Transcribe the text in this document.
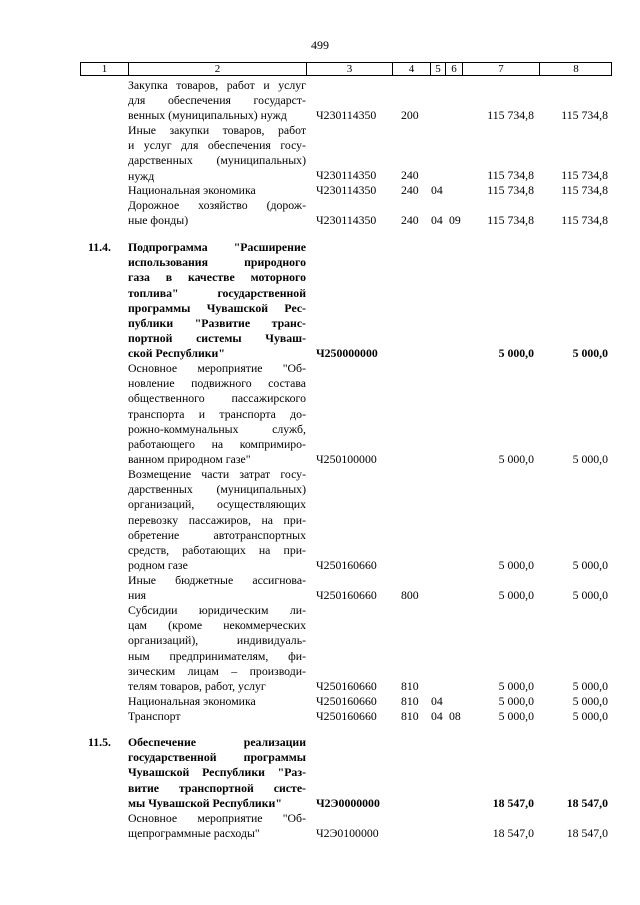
499
1	2	3	4	5 6	7	8
Закупка товаров, работ и услуг
для обеспечения государст-
венных (муниципальных) нужд	Ч230114350 200	115 734,8	115 734,8
Иные закупки товаров, работ
и услуг для обеспечения госу-
дарственных (муниципальных)
нужд	Ч230114350 240	115 734,8	115 734,8
Национальная экономика	Ч230114350 240 04	115 734,8	115 734,8
Дорожное хозяйство (дорож-
ные фонды)	Ч230114350 240 04 09	115 734,8	115 734,8
11.4. Подпрограмма "Расширение
использования природного
газа в качестве моторного
топлива" государственной
программы Чувашской Рес-
публики "Развитие транс-
портной системы Чуваш-
ской Республики"	Ч250000000	5 000,0	5 000,0
Основное мероприятие "Об-
новление подвижного состава
общественного пассажирского
транспорта и транспорта до-
рожно-коммунальных служб,
работающего на компримиро-
ванном природном газе"	Ч250100000	5 000,0	5 000,0
Возмещение части затрат госу-
дарственных (муниципальных)
организаций, осуществляющих
перевозку пассажиров, на при-
обретение автотранспортных
средств, работающих на при-
родном газе	Ч250160660	5 000,0	5 000,0
Иные бюджетные ассигнова-
ния	Ч250160660 800	5 000,0	5 000,0
Субсидии юридическим ли-
цам (кроме некоммерческих
организаций), индивидуаль-
ным предпринимателям, фи-
зическим лицам – производи-
телям товаров, работ, услуг	Ч250160660 810	5 000,0	5 000,0
Национальная экономика	Ч250160660 810 04	5 000,0	5 000,0
Транспорт	Ч250160660 810 04 08	5 000,0	5 000,0
11.5. Обеспечение реализации
государственной программы
Чувашской Республики "Раз-
витие транспортной систе-
мы Чувашской Республики"	Ч2Э0000000	18 547,0	18 547,0
Основное мероприятие "Об-
щепрограммные расходы"	Ч2Э0100000	18 547,0	18 547,0
